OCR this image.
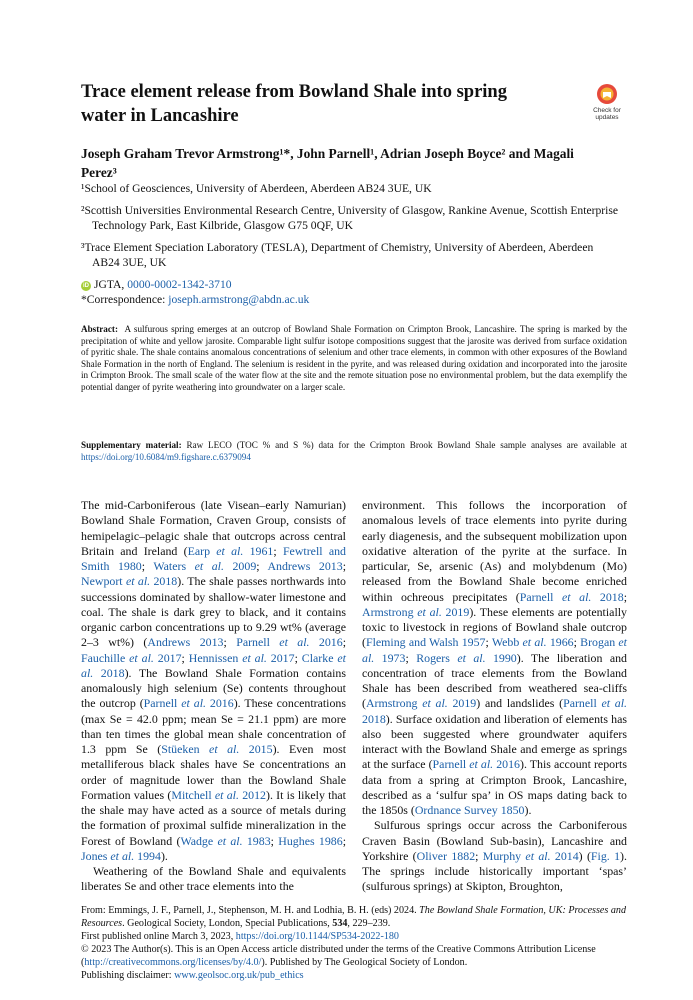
Trace element release from Bowland Shale into spring water in Lancashire	Check for
updates
Joseph Graham Trevor Armstrong¹*, John Parnell¹, Adrian Joseph Boyce² and Magali Perez³

¹School of Geosciences, University of Aberdeen, Aberdeen AB24 3UE, UK

²Scottish Universities Environmental Research Centre, University of Glasgow, Rankine Avenue, Scottish Enterprise Technology Park, East Kilbride, Glasgow G75 0QF, UK

³Trace Element Speciation Laboratory (TESLA), Department of Chemistry, University of Aberdeen, Aberdeen AB24 3UE, UK

iD JGTA, 0000-0002-1342-3710

*Correspondence: joseph.armstrong@abdn.ac.uk

Abstract: A sulfurous spring emerges at an outcrop of Bowland Shale Formation on Crimpton Brook, Lancashire. The spring is marked by the precipitation of white and yellow jarosite. Comparable light sulfur isotope compositions suggest that the jarosite was derived from surface oxidation of pyritic shale. The shale contains anomalous concentrations of selenium and other trace elements, in common with other exposures of the Bowland Shale Formation in the north of England. The selenium is resident in the pyrite, and was released during oxidation and incorporated into the jarosite in Crimpton Brook. The small scale of the water flow at the site and the remote situation pose no environmental problem, but the data exemplify the potential danger of pyrite weathering into groundwater on a larger scale.

Supplementary material: Raw LECO (TOC % and S %) data for the Crimpton Brook Bowland Shale sample analyses are available at https://doi.org/10.6084/m9.figshare.c.6379094

The mid-Carboniferous (late Visean–early Namurian) Bowland Shale Formation, Craven Group, consists of hemipelagic–pelagic shale that outcrops across central Britain and Ireland (Earp et al. 1961; Fewtrell and Smith 1980; Waters et al. 2009; Andrews 2013; Newport et al. 2018). The shale passes northwards into successions dominated by shallow-water limestone and coal. The shale is dark grey to black, and it contains organic carbon concentrations up to 9.29 wt% (average 2–3 wt%) (Andrews 2013; Parnell et al. 2016; Fauchille et al. 2017; Hennissen et al. 2017; Clarke et al. 2018). The Bowland Shale Formation contains anomalously high selenium (Se) contents throughout the outcrop (Parnell et al. 2016). These concentrations (max Se = 42.0 ppm; mean Se = 21.1 ppm) are more than ten times the global mean shale concentration of 1.3 ppm Se (Stüeken et al. 2015). Even most metalliferous black shales have Se concentrations an order of magnitude lower than the Bowland Shale Formation values (Mitchell et al. 2012). It is likely that the shale may have acted as a source of metals during the formation of proximal sulfide mineralization in the Forest of Bowland (Wadge et al. 1983; Hughes 1986; Jones et al. 1994).

Weathering of the Bowland Shale and equivalents liberates Se and other trace elements into the

environment. This follows the incorporation of anomalous levels of trace elements into pyrite during early diagenesis, and the subsequent mobilization upon oxidative alteration of the pyrite at the surface. In particular, Se, arsenic (As) and molybdenum (Mo) released from the Bowland Shale become enriched within ochreous precipitates (Parnell et al. 2018; Armstrong et al. 2019). These elements are potentially toxic to livestock in regions of Bowland shale outcrop (Fleming and Walsh 1957; Webb et al. 1966; Brogan et al. 1973; Rogers et al. 1990). The liberation and concentration of trace elements from the Bowland Shale has been described from weathered sea-cliffs (Armstrong et al. 2019) and landslides (Parnell et al. 2018). Surface oxidation and liberation of elements has also been suggested where groundwater aquifers interact with the Bowland Shale and emerge as springs at the surface (Parnell et al. 2016). This account reports data from a spring at Crimpton Brook, Lancashire, described as a ‘sulfur spa’ in OS maps dating back to the 1850s (Ordnance Survey 1850).

Sulfurous springs occur across the Carboniferous Craven Basin (Bowland Sub-basin), Lancashire and Yorkshire (Oliver 1882; Murphy et al. 2014) (Fig. 1). The springs include historically important ‘spas’ (sulfurous springs) at Skipton, Broughton,

From: Emmings, J. F., Parnell, J., Stephenson, M. H. and Lodhia, B. H. (eds) 2024. The Bowland Shale Formation, UK: Processes and Resources. Geological Society, London, Special Publications, 534, 229–239.

First published online March 3, 2023, https://doi.org/10.1144/SP534-2022-180

© 2023 The Author(s). This is an Open Access article distributed under the terms of the Creative Commons Attribution License (http://creativecommons.org/licenses/by/4.0/). Published by The Geological Society of London.

Publishing disclaimer: www.geolsoc.org.uk/pub_ethics
